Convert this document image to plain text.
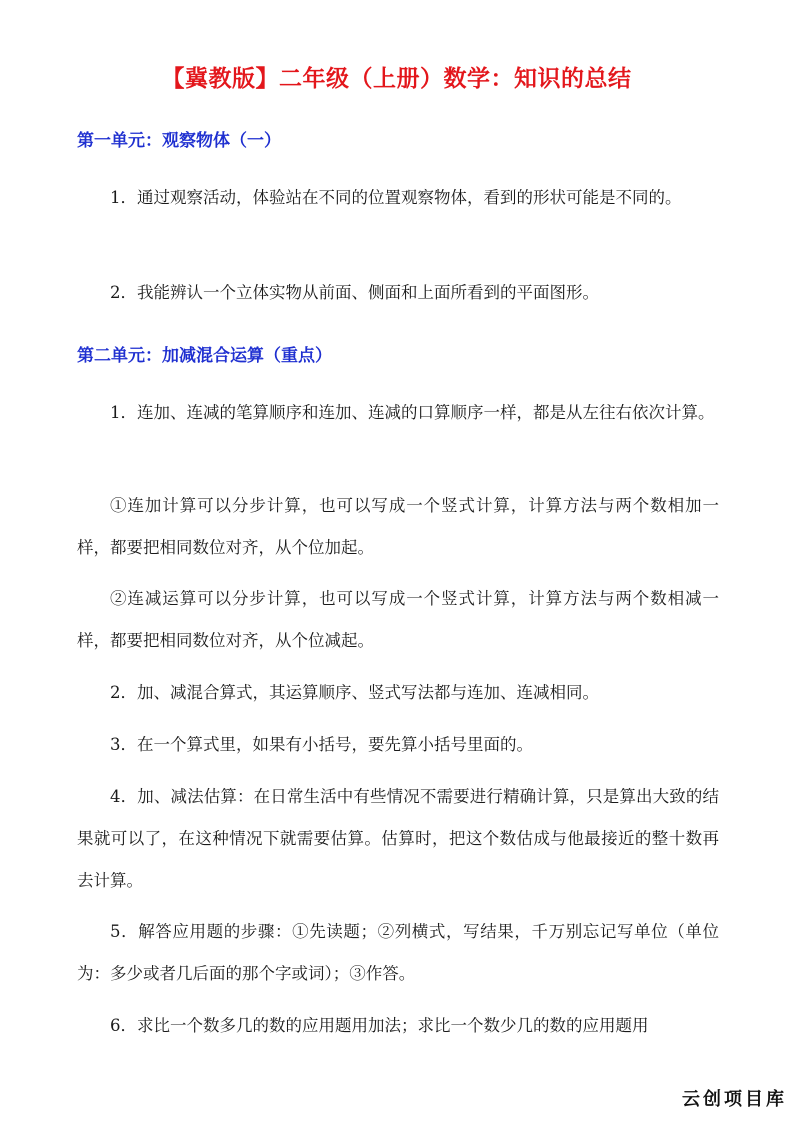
【冀教版】二年级（上册）数学：知识的总结
第一单元：观察物体（一）

1．通过观察活动，体验站在不同的位置观察物体，看到的形状可能是不同的。

2．我能辨认一个立体实物从前面、侧面和上面所看到的平面图形。

第二单元：加减混合运算（重点）

1．连加、连减的笔算顺序和连加、连减的口算顺序一样，都是从左往右依次计算。

①连加计算可以分步计算，也可以写成一个竖式计算，计算方法与两个数相加一样，都要把相同数位对齐，从个位加起。

②连减运算可以分步计算，也可以写成一个竖式计算，计算方法与两个数相减一样，都要把相同数位对齐，从个位减起。

2．加、减混合算式，其运算顺序、竖式写法都与连加、连减相同。

3．在一个算式里，如果有小括号，要先算小括号里面的。

4．加、减法估算：在日常生活中有些情况不需要进行精确计算，只是算出大致的结果就可以了，在这种情况下就需要估算。估算时，把这个数估成与他最接近的整十数再去计算。

5．解答应用题的步骤：①先读题；②列横式，写结果，千万别忘记写单位（单位为：多少或者几后面的那个字或词）；③作答。

6．求比一个数多几的数的应用题用加法；求比一个数少几的数的应用题用

云创项目库
